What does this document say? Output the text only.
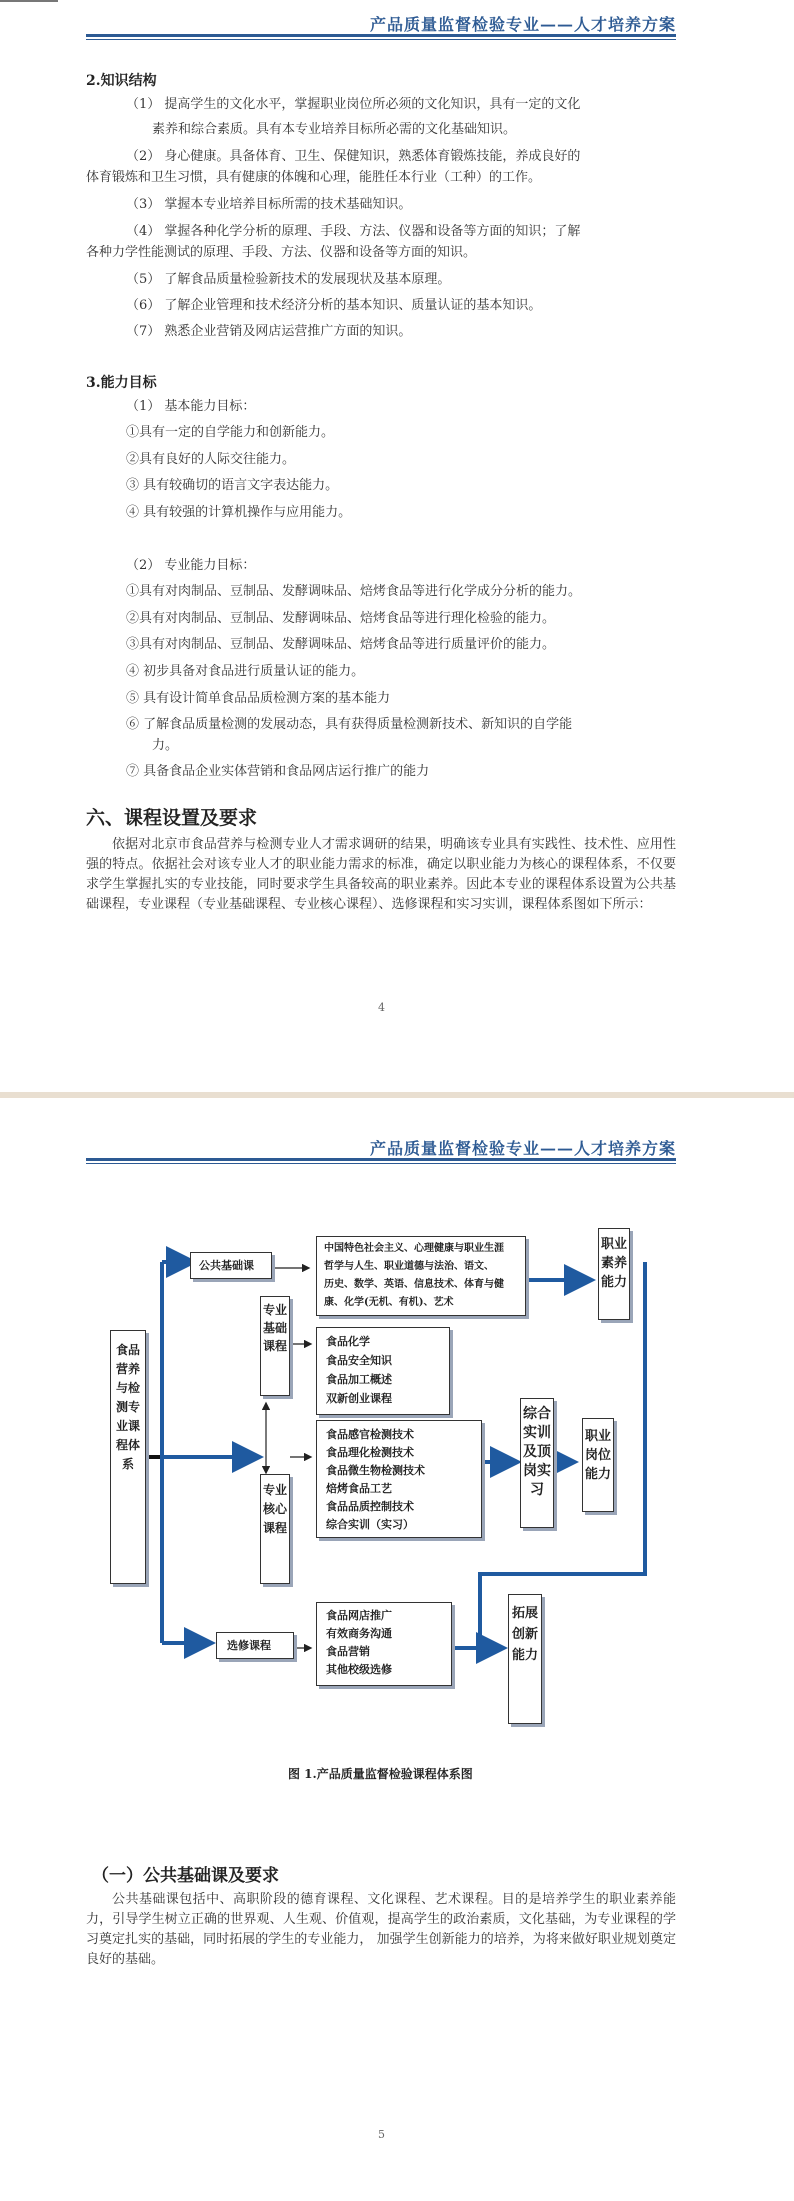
产品质量监督检验专业——人才培养方案
2.知识结构
（1） 提高学生的文化水平，掌握职业岗位所必须的文化知识，具有一定的文化
素养和综合素质。具有本专业培养目标所必需的文化基础知识。
（2） 身心健康。具备体育、卫生、保健知识，熟悉体育锻炼技能，养成良好的
体育锻炼和卫生习惯，具有健康的体魄和心理，能胜任本行业（工种）的工作。
（3） 掌握本专业培养目标所需的技术基础知识。
（4） 掌握各种化学分析的原理、手段、方法、仪器和设备等方面的知识；了解
各种力学性能测试的原理、手段、方法、仪器和设备等方面的知识。
（5） 了解食品质量检验新技术的发展现状及基本原理。
（6） 了解企业管理和技术经济分析的基本知识、质量认证的基本知识。
（7） 熟悉企业营销及网店运营推广方面的知识。
3.能力目标
（1） 基本能力目标：
①具有一定的自学能力和创新能力。
②具有良好的人际交往能力。
③ 具有较确切的语言文字表达能力。
④ 具有较强的计算机操作与应用能力。
（2） 专业能力目标：
①具有对肉制品、豆制品、发酵调味品、焙烤食品等进行化学成分分析的能力。
②具有对肉制品、豆制品、发酵调味品、焙烤食品等进行理化检验的能力。
③具有对肉制品、豆制品、发酵调味品、焙烤食品等进行质量评价的能力。
④ 初步具备对食品进行质量认证的能力。
⑤ 具有设计简单食品品质检测方案的基本能力
⑥ 了解食品质量检测的发展动态，具有获得质量检测新技术、新知识的自学能
力。
⑦ 具备食品企业实体营销和食品网店运行推广的能力
六、课程设置及要求
依据对北京市食品营养与检测专业人才需求调研的结果，明确该专业具有实践性、技术性、应用性强的特点。依据社会对该专业人才的职业能力需求的标准，确定以职业能力为核心的课程体系，不仅要求学生掌握扎实的专业技能，同时要求学生具备较高的职业素养。因此本专业的课程体系设置为公共基础课程，专业课程（专业基础课程、专业核心课程）、选修课程和实习实训，课程体系图如下所示：
4
产品质量监督检验专业——人才培养方案
食品营养与检测专业课程体系
公共基础课
中国特色社会主义、心理健康与职业生涯
哲学与人生、职业道德与法治、语文、
历史、数学、英语、信息技术、体育与健
康、化学(无机、有机)、艺术
专业基础课程	食品化学
食品安全知识
食品加工概述
双新创业课程
专业核心课程
食品感官检测技术
食品理化检测技术
食品微生物检测技术
焙烤食品工艺
食品品质控制技术
综合实训（实习）
选修课程
食品网店推广
有效商务沟通
食品营销
其他校级选修
综合实训及顶岗实习
职业素养能力
职业岗位能力
拓展创新能力
图 1.产品质量监督检验课程体系图
（一）公共基础课及要求
公共基础课包括中、高职阶段的德育课程、文化课程、艺术课程。目的是培养学生的职业素养能力，引导学生树立正确的世界观、人生观、价值观，提高学生的政治素质，文化基础，为专业课程的学习奠定扎实的基础，同时拓展的学生的专业能力， 加强学生创新能力的培养，为将来做好职业规划奠定良好的基础。
5
